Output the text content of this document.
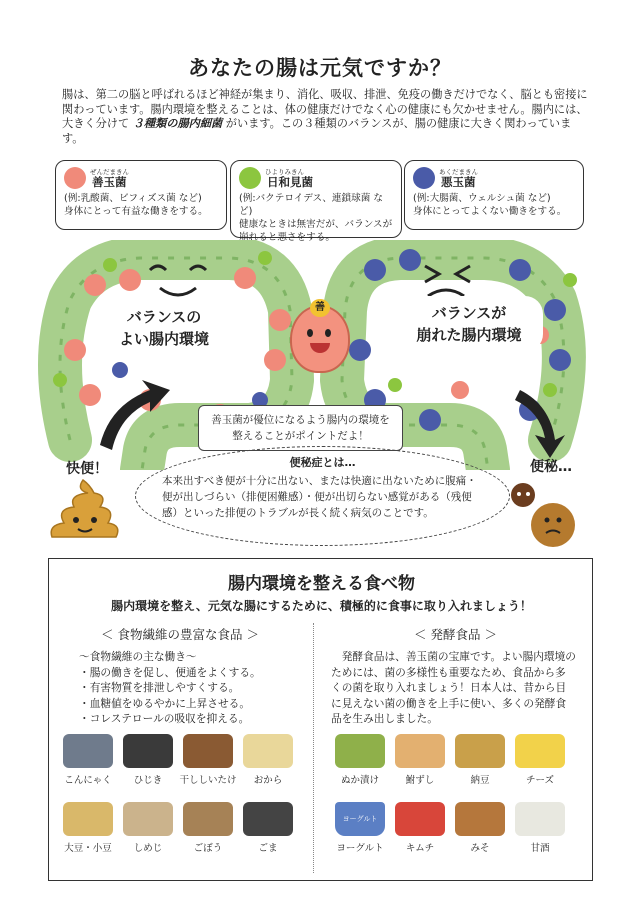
あなたの腸は元気ですか？
腸は、第二の脳と呼ばれるほど神経が集まり、消化、吸収、排泄、免疫の働きだけでなく、脳とも密接に関わっています。腸内環境を整えることは、体の健康だけでなく心の健康にも欠かせません。腸内には、大きく分けて ３種類の腸内細菌 がいます。この３種類のバランスが、腸の健康に大きく関わっています。
ぜんだまきん
善玉菌
(例:乳酸菌、ビフィズス菌 など)
身体にとって有益な働きをする。
ひよりみきん
日和見菌
(例:バクテロイデス、連鎖球菌 など)
健康なときは無害だが、バランスが崩れると悪さをする。
あくだまきん
悪玉菌
(例:大腸菌、ウェルシュ菌 など)
身体にとってよくない働きをする。
バランスの
よい腸内環境
バランスが
崩れた腸内環境
善
善玉菌が優位になるよう腸内の環境を整えることがポイントだよ！
快便！	便秘…
便秘症とは…
本来出すべき便が十分に出ない、または快適に出ないために腹痛・便が出しづらい（排便困難感）・便が出切らない感覚がある（残便感）といった排便のトラブルが長く続く病気のことです。
腸内環境を整える食べ物
腸内環境を整え、元気な腸にするために、積極的に食事に取り入れましょう！
＜ 食物繊維の豊富な食品 ＞
～食物繊維の主な働き～
・腸の働きを促し、便通をよくする。
・有害物質を排泄しやすくする。
・血糖値をゆるやかに上昇させる。
・コレステロールの吸収を抑える。
＜ 発酵食品 ＞
発酵食品は、善玉菌の宝庫です。よい腸内環境のためには、菌の多様性も重要なため、食品から多くの菌を取り入れましょう！日本人は、昔から目に見えない菌の働きを上手に使い、多くの発酵食品を生み出しました。
こんにゃく	ひじき	干ししいたけ	おから
大豆・小豆	しめじ	ごぼう	ごま
ぬか漬け	鮒ずし	納豆	チーズ
ヨーグルト
ヨーグルト	キムチ	みそ	甘酒
